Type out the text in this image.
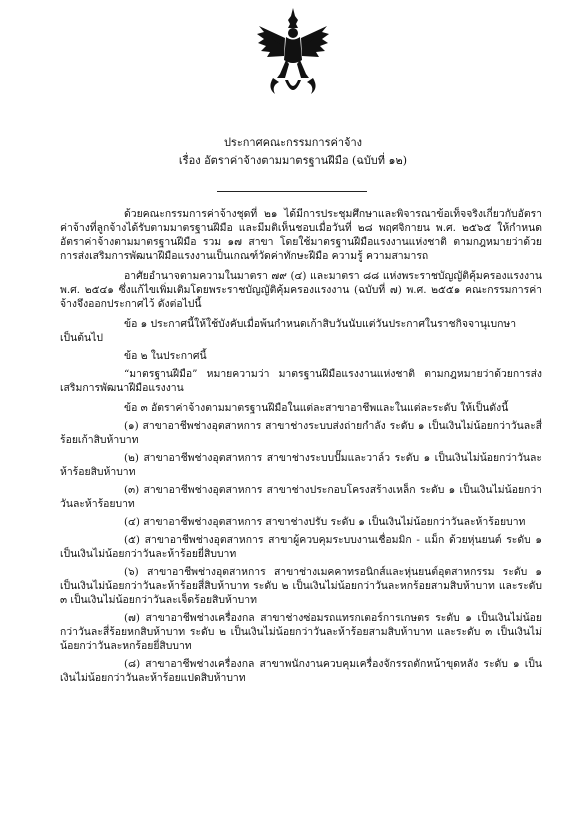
ประกาศคณะกรรมการค่าจ้าง
เรื่อง อัตราค่าจ้างตามมาตรฐานฝีมือ (ฉบับที่ ๑๒)

ด้วยคณะกรรมการค่าจ้างชุดที่ ๒๑ ได้มีการประชุมศึกษาและพิจารณาข้อเท็จจริงเกี่ยวกับอัตราค่าจ้างที่ลูกจ้างได้รับตามมาตรฐานฝีมือ และมีมติเห็นชอบเมื่อวันที่ ๒๘ พฤศจิกายน พ.ศ. ๒๕๖๕ ให้กำหนดอัตราค่าจ้างตามมาตรฐานฝีมือ รวม ๑๗ สาขา โดยใช้มาตรฐานฝีมือแรงงานแห่งชาติ ตามกฎหมายว่าด้วยการส่งเสริมการพัฒนาฝีมือแรงงานเป็นเกณฑ์วัดค่าทักษะฝีมือ ความรู้ ความสามารถ

อาศัยอำนาจตามความในมาตรา ๗๙ (๔) และมาตรา ๘๘ แห่งพระราชบัญญัติคุ้มครองแรงงาน พ.ศ. ๒๕๔๑ ซึ่งแก้ไขเพิ่มเติมโดยพระราชบัญญัติคุ้มครองแรงงาน (ฉบับที่ ๗) พ.ศ. ๒๕๕๑ คณะกรรมการค่าจ้างจึงออกประกาศไว้ ดังต่อไปนี้

ข้อ ๑ ประกาศนี้ให้ใช้บังคับเมื่อพ้นกำหนดเก้าสิบวันนับแต่วันประกาศในราชกิจจานุเบกษา เป็นต้นไป

ข้อ ๒ ในประกาศนี้

“มาตรฐานฝีมือ” หมายความว่า มาตรฐานฝีมือแรงงานแห่งชาติ ตามกฎหมายว่าด้วยการส่งเสริมการพัฒนาฝีมือแรงงาน

ข้อ ๓ อัตราค่าจ้างตามมาตรฐานฝีมือในแต่ละสาขาอาชีพและในแต่ละระดับ ให้เป็นดังนี้

(๑) สาขาอาชีพช่างอุตสาหการ สาขาช่างระบบส่งถ่ายกำลัง ระดับ ๑ เป็นเงินไม่น้อยกว่าวันละสี่ร้อยเก้าสิบห้าบาท

(๒) สาขาอาชีพช่างอุตสาหการ สาขาช่างระบบปั๊มและวาล์ว ระดับ ๑ เป็นเงินไม่น้อยกว่าวันละห้าร้อยสิบห้าบาท

(๓) สาขาอาชีพช่างอุตสาหการ สาขาช่างประกอบโครงสร้างเหล็ก ระดับ ๑ เป็นเงินไม่น้อยกว่าวันละห้าร้อยบาท

(๔) สาขาอาชีพช่างอุตสาหการ สาขาช่างปรับ ระดับ ๑ เป็นเงินไม่น้อยกว่าวันละห้าร้อยบาท

(๕) สาขาอาชีพช่างอุตสาหการ สาขาผู้ควบคุมระบบงานเชื่อมมิก - แม็ก ด้วยหุ่นยนต์ ระดับ ๑ เป็นเงินไม่น้อยกว่าวันละห้าร้อยยี่สิบบาท

(๖) สาขาอาชีพช่างอุตสาหการ สาขาช่างเมคคาทรอนิกส์และหุ่นยนต์อุตสาหกรรม ระดับ ๑ เป็นเงินไม่น้อยกว่าวันละห้าร้อยสี่สิบห้าบาท ระดับ ๒ เป็นเงินไม่น้อยกว่าวันละหกร้อยสามสิบห้าบาท และระดับ ๓ เป็นเงินไม่น้อยกว่าวันละเจ็ดร้อยสิบห้าบาท

(๗) สาขาอาชีพช่างเครื่องกล สาขาช่างซ่อมรถแทรกเตอร์การเกษตร ระดับ ๑ เป็นเงินไม่น้อยกว่าวันละสี่ร้อยหกสิบห้าบาท ระดับ ๒ เป็นเงินไม่น้อยกว่าวันละห้าร้อยสามสิบห้าบาท และระดับ ๓ เป็นเงินไม่น้อยกว่าวันละหกร้อยยี่สิบบาท

(๘) สาขาอาชีพช่างเครื่องกล สาขาพนักงานควบคุมเครื่องจักรรถตักหน้าขุดหลัง ระดับ ๑ เป็นเงินไม่น้อยกว่าวันละห้าร้อยแปดสิบห้าบาท
